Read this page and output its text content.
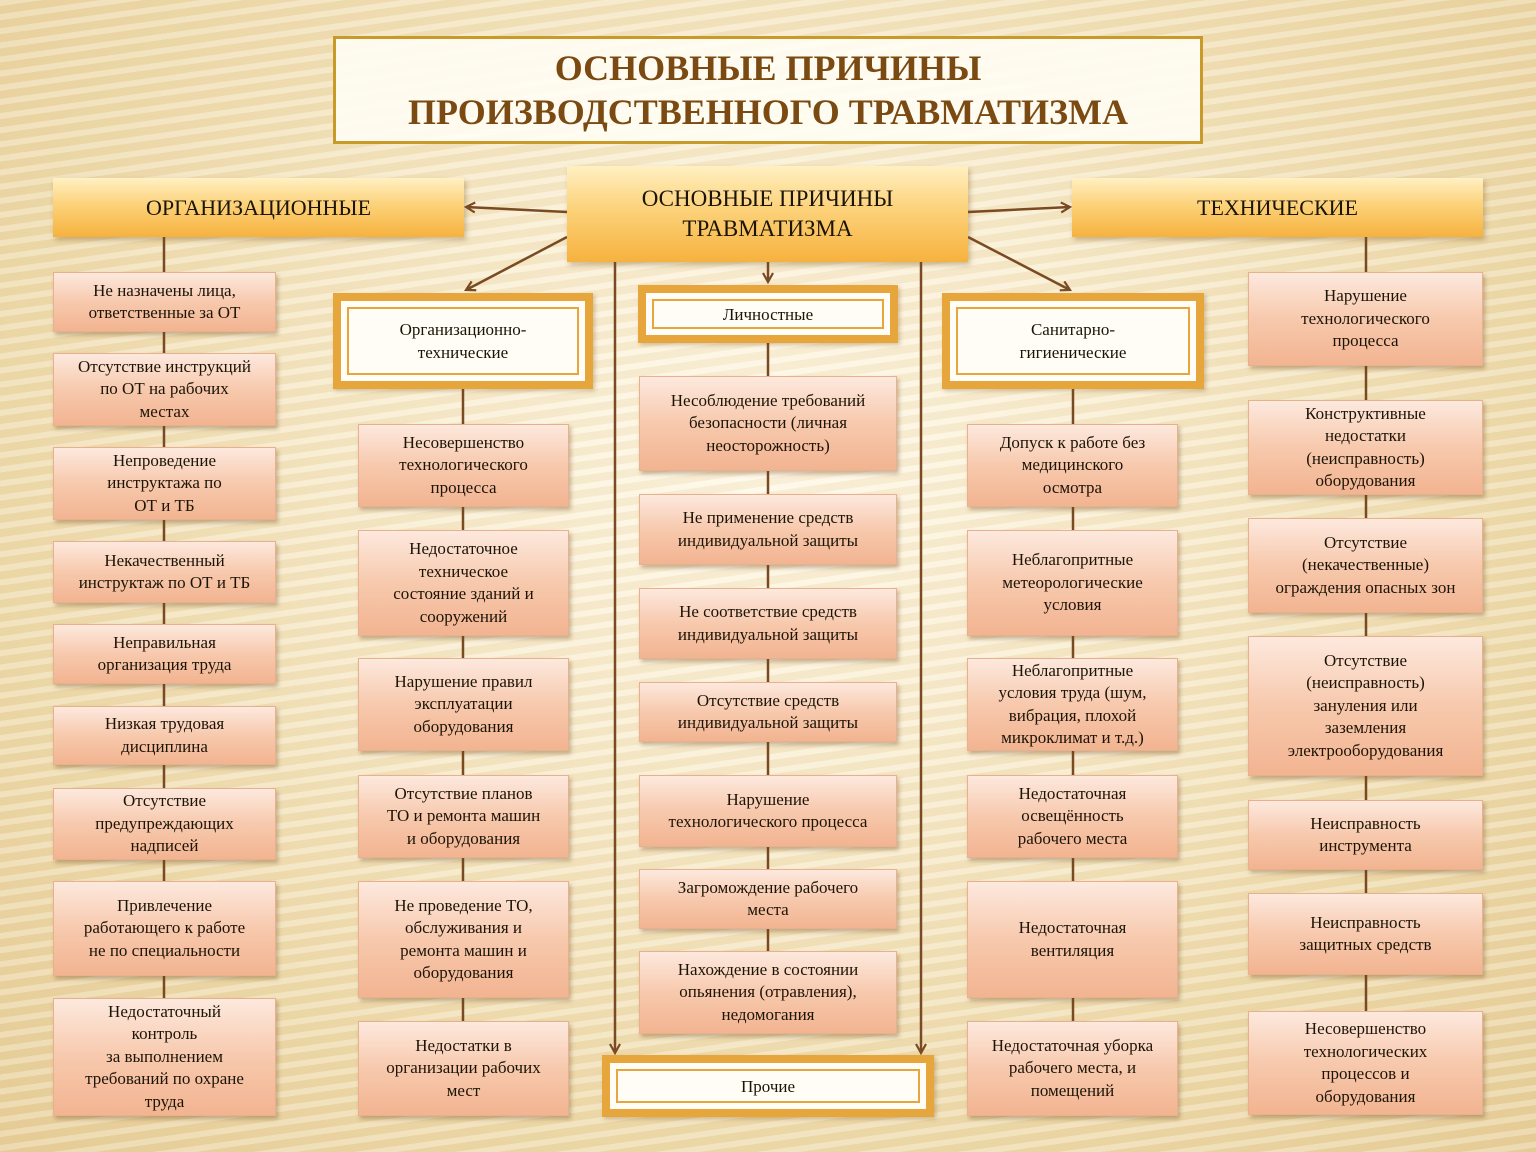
ОСНОВНЫЕ ПРИЧИНЫ
ПРОИЗВОДСТВЕННОГО ТРАВМАТИЗМА
ОСНОВНЫЕ ПРИЧИНЫ
ТРАВМАТИЗМА
ОРГАНИЗАЦИОННЫЕ	ТЕХНИЧЕСКИЕ
Организационно-
технические
Личностные
Санитарно-
гигиенические
Прочие
Не назначены лица,
ответственные за ОТ
Отсутствие инструкций
по ОТ на рабочих
местах
Непроведение
инструктажа по
ОТ и ТБ
Некачественный
инструктаж по ОТ и ТБ
Неправильная
организация труда
Низкая трудовая
дисциплина
Отсутствие
предупреждающих
надписей
Привлечение
работающего к работе
не по специальности
Недостаточный
контроль
за выполнением
требований по охране
труда
Несовершенство
технологического
процесса
Недостаточное
техническое
состояние зданий и
сооружений
Нарушение правил
эксплуатации
оборудования
Отсутствие планов
ТО и ремонта машин
и оборудования
Не проведение ТО,
обслуживания и
ремонта машин и
оборудования
Недостатки в
организации рабочих
мест
Несоблюдение требований
безопасности (личная
неосторожность)
Не применение средств
индивидуальной защиты
Не соответствие средств
индивидуальной защиты
Отсутствие средств
индивидуальной защиты
Нарушение
технологического процесса
Загромождение рабочего
места
Нахождение в состоянии
опьянения (отравления),
недомогания
Допуск к работе без
медицинского
осмотра
Неблагопритные
метеорологические
условия
Неблагопритные
условия труда (шум,
вибрация, плохой
микроклимат и т.д.)
Недостаточная
освещённость
рабочего места
Недостаточная
вентиляция
Недостаточная уборка
рабочего места, и
помещений
Нарушение
технологического
процесса
Конструктивные
недостатки
(неисправность)
оборудования
Отсутствие
(некачественные)
ограждения опасных зон
Отсутствие
(неисправность)
зануления или
заземления
электрооборудования
Неисправность
инструмента
Неисправность
защитных средств
Несовершенство
технологических
процессов и
оборудования
